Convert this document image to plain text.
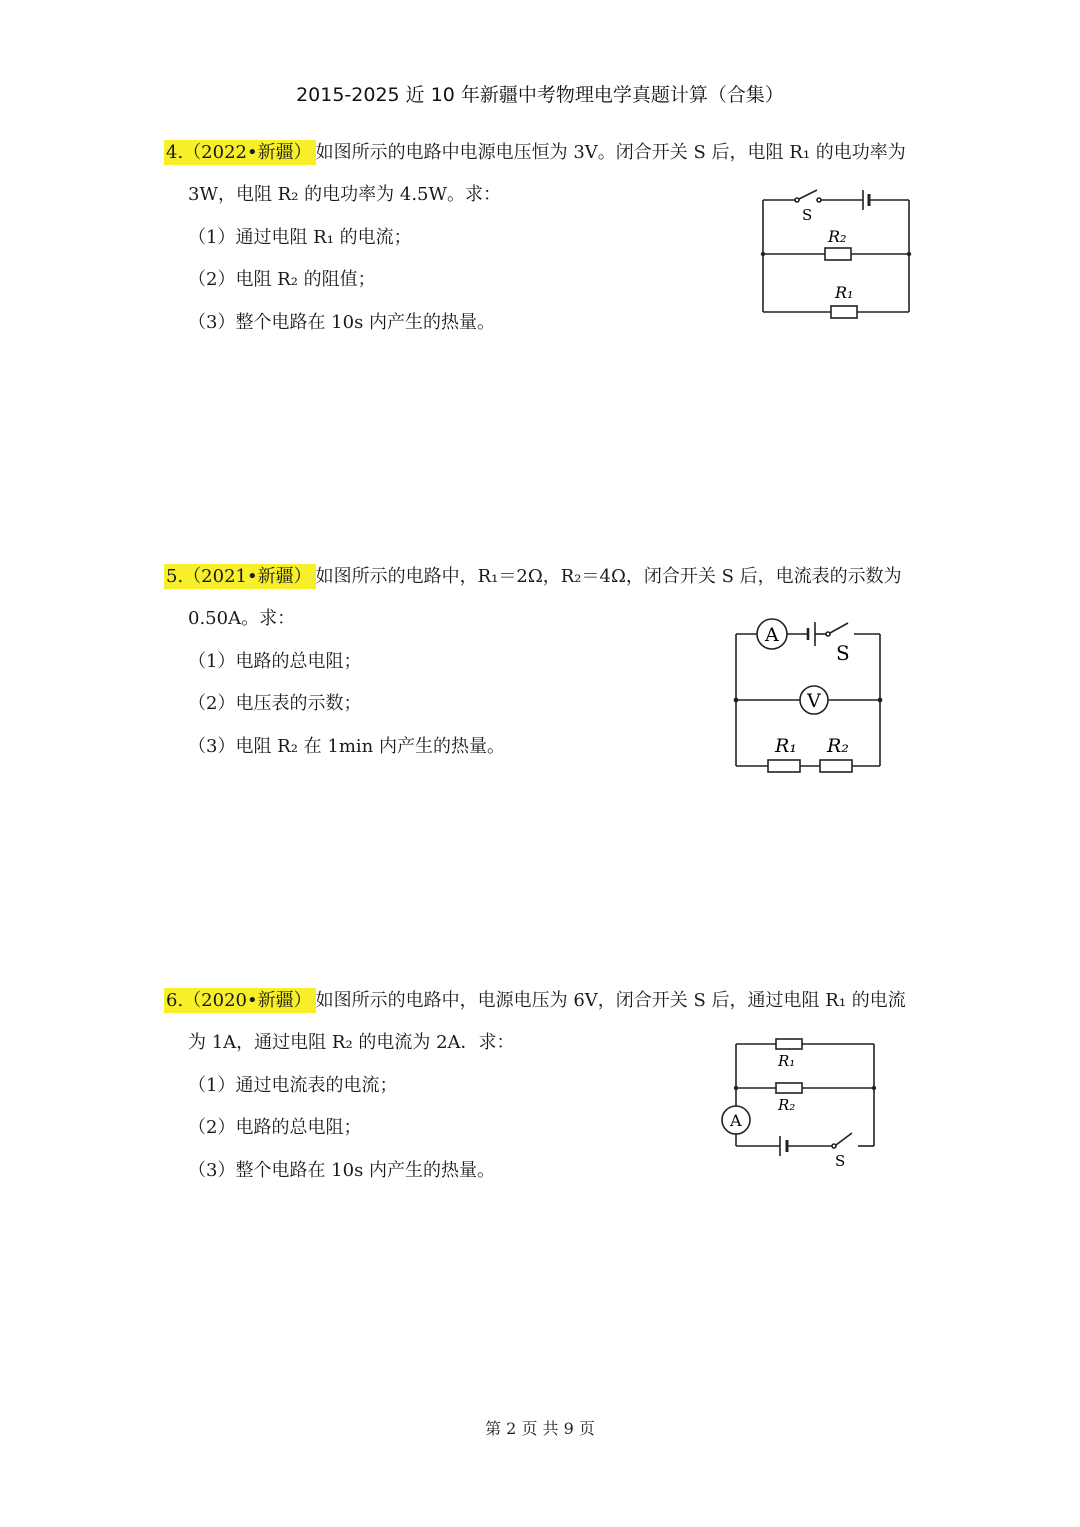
2015-2025 近 10 年新疆中考物理电学真题计算（合集）
4.（2022•新疆） 如图所示的电路中电源电压恒为 3V。闭合开关 S 后，电阻 R₁ 的电功率为
3W，电阻 R₂ 的电功率为 4.5W。求：
（1）通过电阻 R₁ 的电流；
（2）电阻 R₂ 的阻值；
（3）整个电路在 10s 内产生的热量。
S
R₂
R₁
5.（2021•新疆） 如图所示的电路中，R₁＝2Ω，R₂＝4Ω，闭合开关 S 后，电流表的示数为
0.50A。求：
（1）电路的总电阻；
（2）电压表的示数；
（3）电阻 R₂ 在 1min 内产生的热量。
A
V
S
R₁ R₂
6.（2020•新疆） 如图所示的电路中，电源电压为 6V，闭合开关 S 后，通过电阻 R₁ 的电流
为 1A，通过电阻 R₂ 的电流为 2A．求：
（1）通过电流表的电流；
（2）电路的总电阻；
（3）整个电路在 10s 内产生的热量。
A
R₁
R₂
S
第 2 页 共 9 页
